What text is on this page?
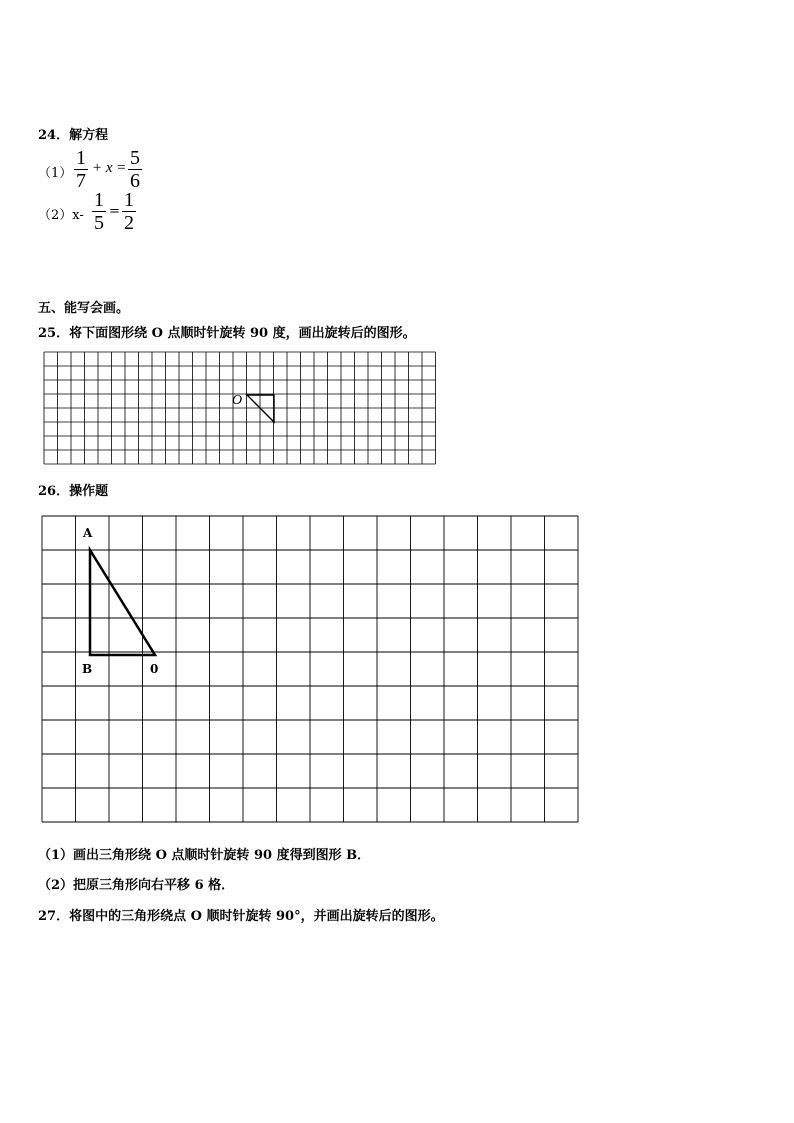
24．解方程
（1）
1
7
+ x = 5
6
（2）x-
1
5
=
1
2
五、能写会画。
25．将下面图形绕 O 点顺时针旋转 90 度，画出旋转后的图形。
O
26．操作题
A
B	0
（1）画出三角形绕 O 点顺时针旋转 90 度得到图形 B．
（2）把原三角形向右平移 6 格．
27．将图中的三角形绕点 O 顺时针旋转 90°，并画出旋转后的图形。
